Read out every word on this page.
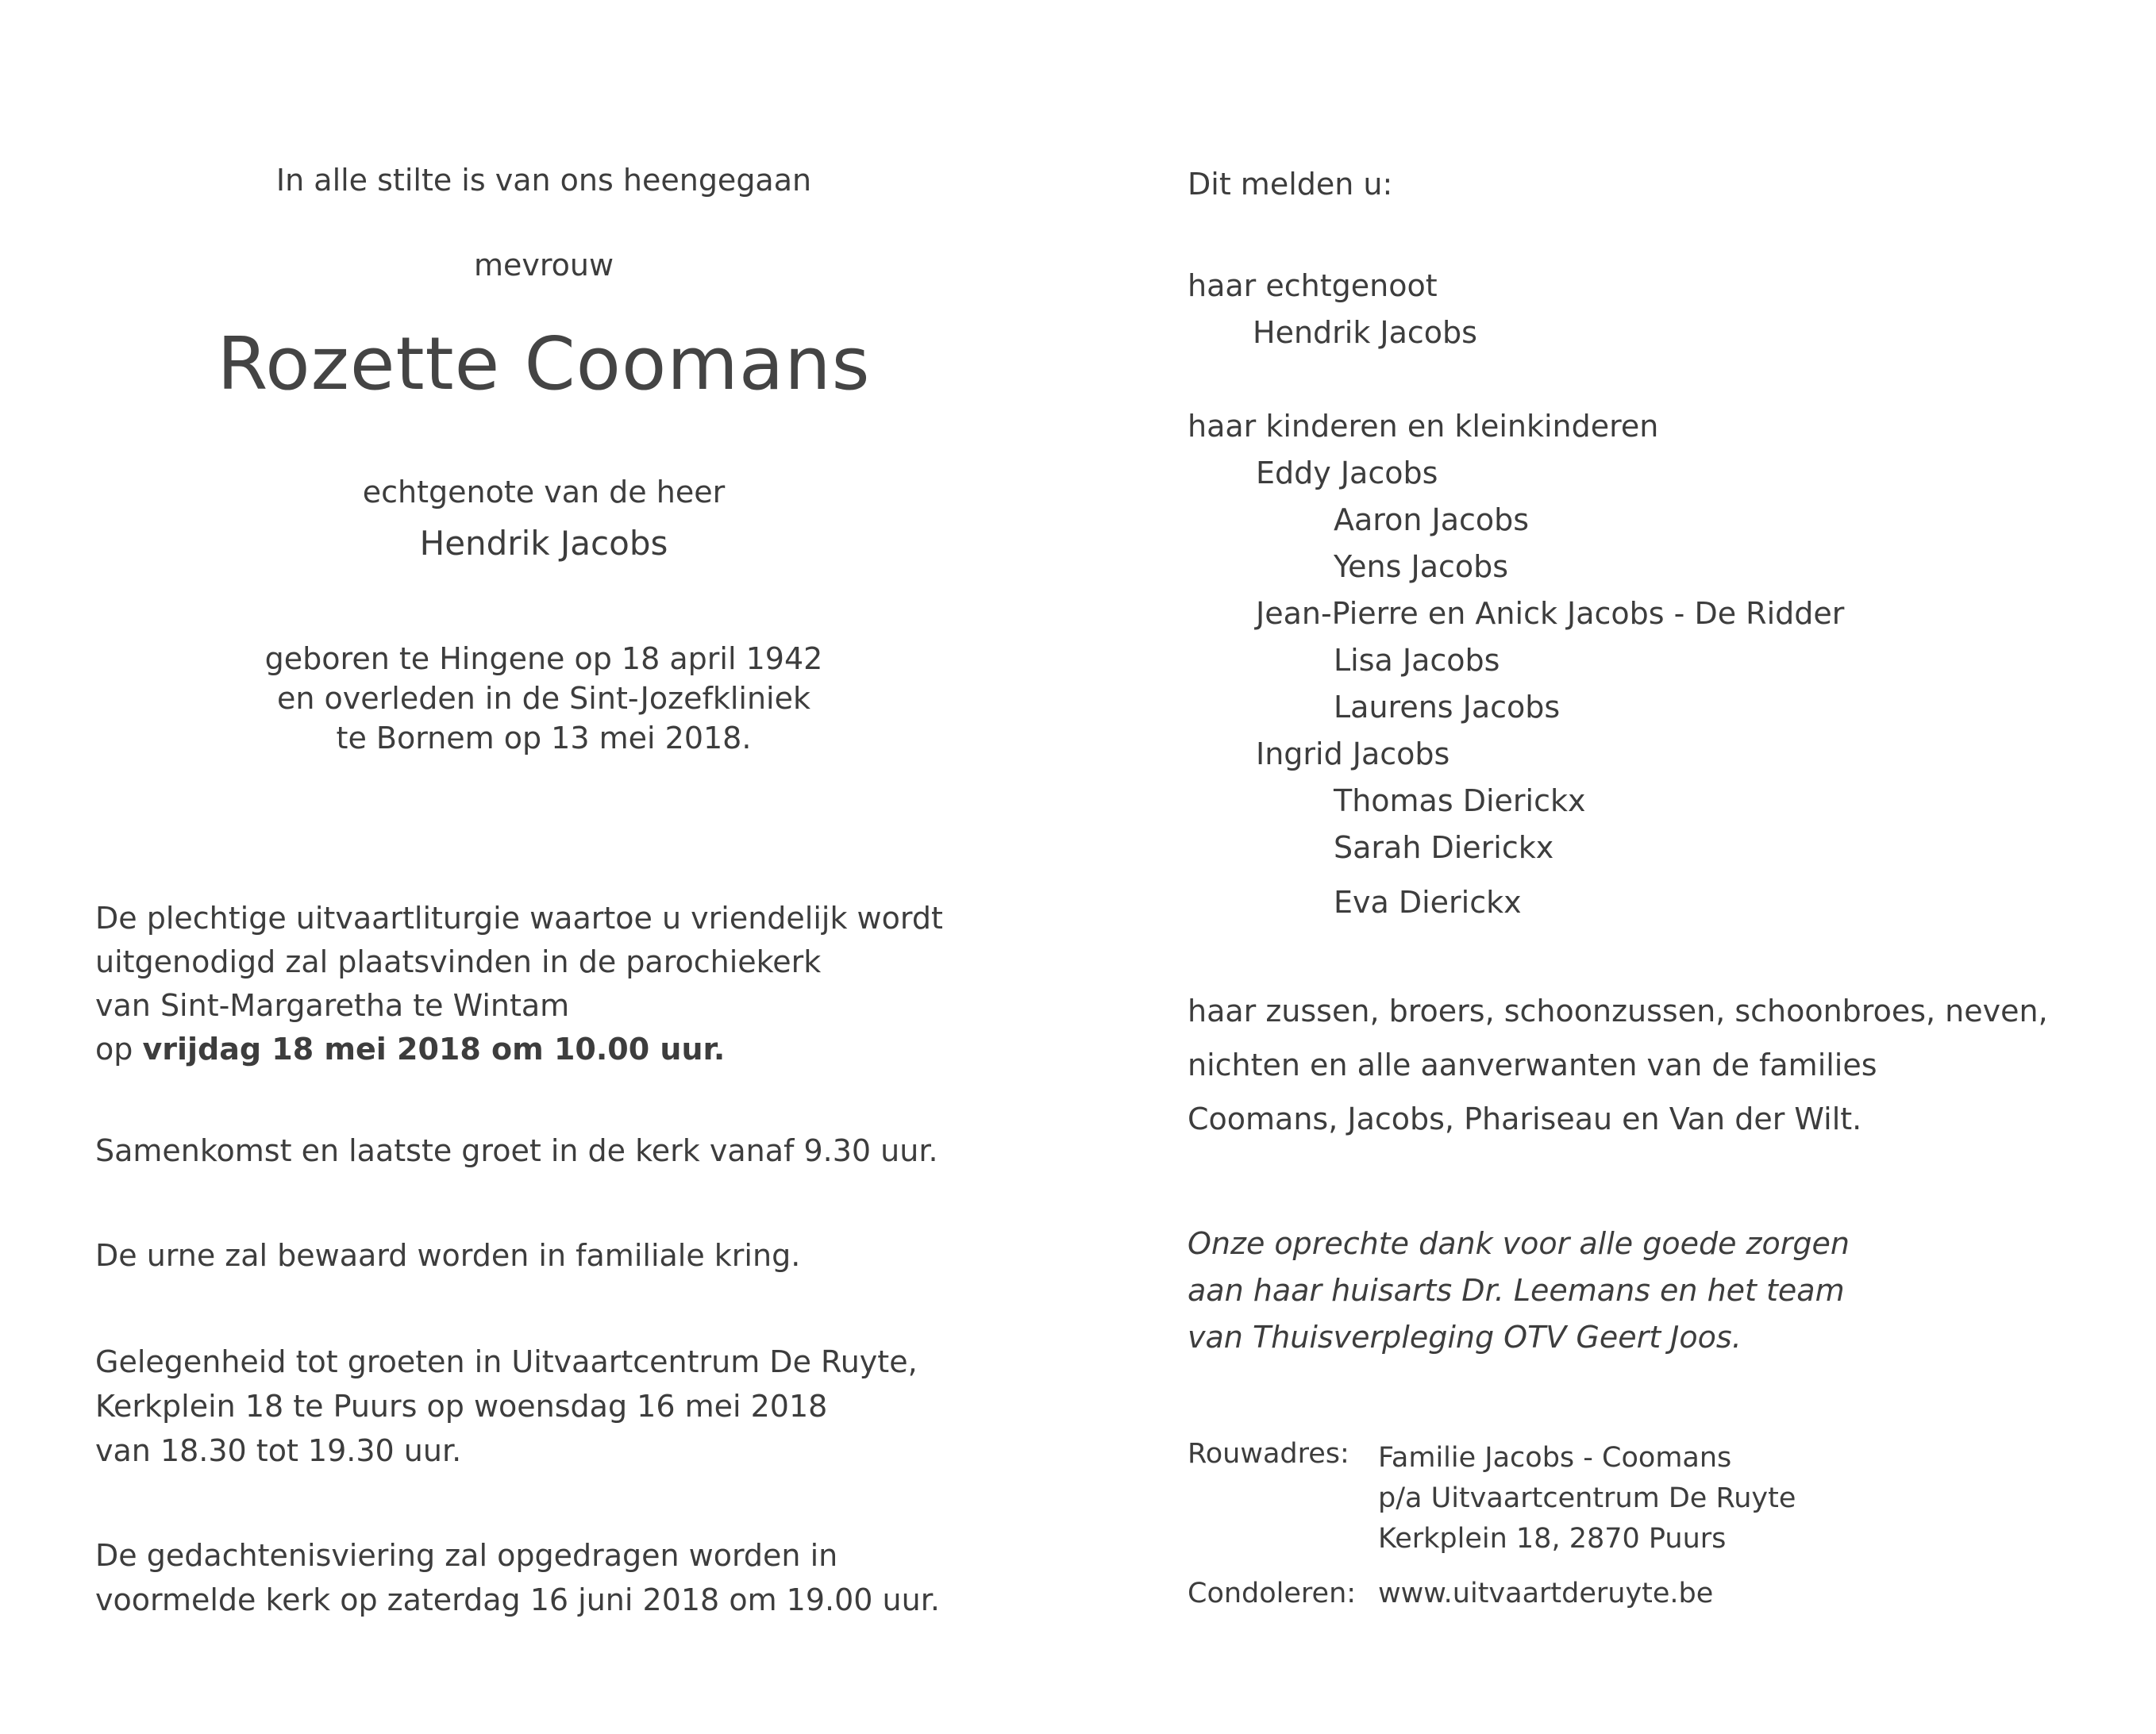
In alle stilte is van ons heengegaan
mevrouw
Rozette Coomans
echtgenote van de heer
Hendrik Jacobs
geboren te Hingene op 18 april 1942
en overleden in de Sint-Jozefkliniek
te Bornem op 13 mei 2018.
De plechtige uitvaartliturgie waartoe u vriendelijk wordt
uitgenodigd zal plaatsvinden in de parochiekerk
van Sint-Margaretha te Wintam
op vrijdag 18 mei 2018 om 10.00 uur.
Samenkomst en laatste groet in de kerk vanaf 9.30 uur.
De urne zal bewaard worden in familiale kring.
Gelegenheid tot groeten in Uitvaartcentrum De Ruyte,
Kerkplein 18 te Puurs op woensdag 16 mei 2018
van 18.30 tot 19.30 uur.
De gedachtenisviering zal opgedragen worden in
voormelde kerk op zaterdag 16 juni 2018 om 19.00 uur.
Dit melden u:
haar echtgenoot
Hendrik Jacobs
haar kinderen en kleinkinderen
Eddy Jacobs
Aaron Jacobs
Yens Jacobs
Jean-Pierre en Anick Jacobs - De Ridder
Lisa Jacobs
Laurens Jacobs
Ingrid Jacobs
Thomas Dierickx
Sarah Dierickx
Eva Dierickx
haar zussen, broers, schoonzussen, schoonbroes, neven,
nichten en alle aanverwanten van de families
Coomans, Jacobs, Phariseau en Van der Wilt.
Onze oprechte dank voor alle goede zorgen
aan haar huisarts Dr. Leemans en het team
van Thuisverpleging OTV Geert Joos.
Rouwadres: Familie Jacobs - Coomans
p/a Uitvaartcentrum De Ruyte
Kerkplein 18, 2870 Puurs
Condoleren: www.uitvaartderuyte.be
